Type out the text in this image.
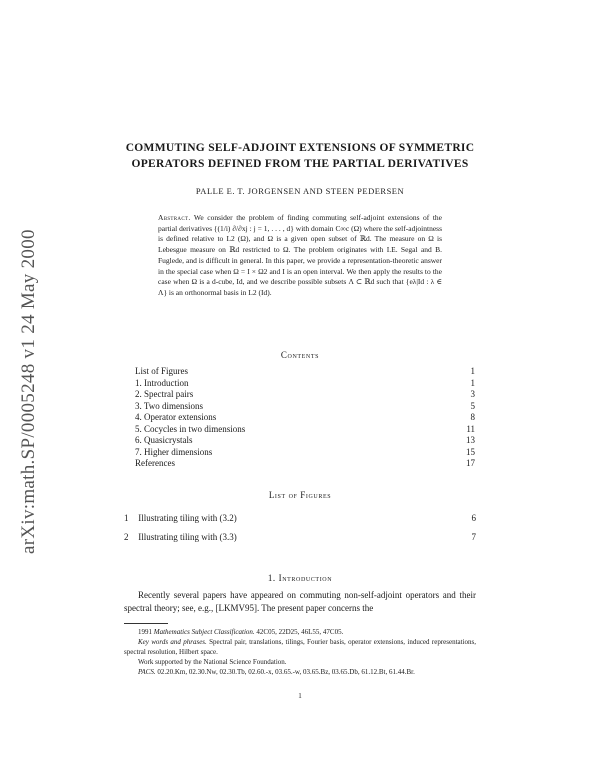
arXiv:math.SP/0005248 v1 24 May 2000
COMMUTING SELF-ADJOINT EXTENSIONS OF SYMMETRIC
OPERATORS DEFINED FROM THE PARTIAL DERIVATIVES
PALLE E. T. JORGENSEN AND STEEN PEDERSEN
Abstract. We consider the problem of finding commuting self-adjoint extensions of the partial derivatives {(1/i) ∂/∂xj : j = 1, . . . , d} with domain C∞c (Ω) where the self-adjointness is defined relative to L2 (Ω), and Ω is a given open subset of ℝd. The measure on Ω is Lebesgue measure on ℝd restricted to Ω. The problem originates with I.E. Segal and B. Fuglede, and is difficult in general. In this paper, we provide a representation-theoretic answer in the special case when Ω = I × Ω2 and I is an open interval. We then apply the results to the case when Ω is a d-cube, Id, and we describe possible subsets Λ ⊂ ℝd such that {eλ|Id : λ ∈ Λ} is an orthonormal basis in L2 (Id).
Contents
List of Figures	1
1. Introduction	1
2. Spectral pairs	3
3. Two dimensions	5
4. Operator extensions	8
5. Cocycles in two dimensions	11
6. Quasicrystals	13
7. Higher dimensions	15
References	17
List of Figures
1 Illustrating tiling with (3.2)	6
2 Illustrating tiling with (3.3)	7
1. Introduction
Recently several papers have appeared on commuting non-self-adjoint operators and their spectral theory; see, e.g., [LKMV95]. The present paper concerns the
1991 Mathematics Subject Classification. 42C05, 22D25, 46L55, 47C05.
Key words and phrases. Spectral pair, translations, tilings, Fourier basis, operator extensions, induced representations, spectral resolution, Hilbert space.
Work supported by the National Science Foundation.
PACS. 02.20.Km, 02.30.Nw, 02.30.Tb, 02.60.-x, 03.65.-w, 03.65.Bz, 03.65.Db, 61.12.Bt, 61.44.Br.
1
